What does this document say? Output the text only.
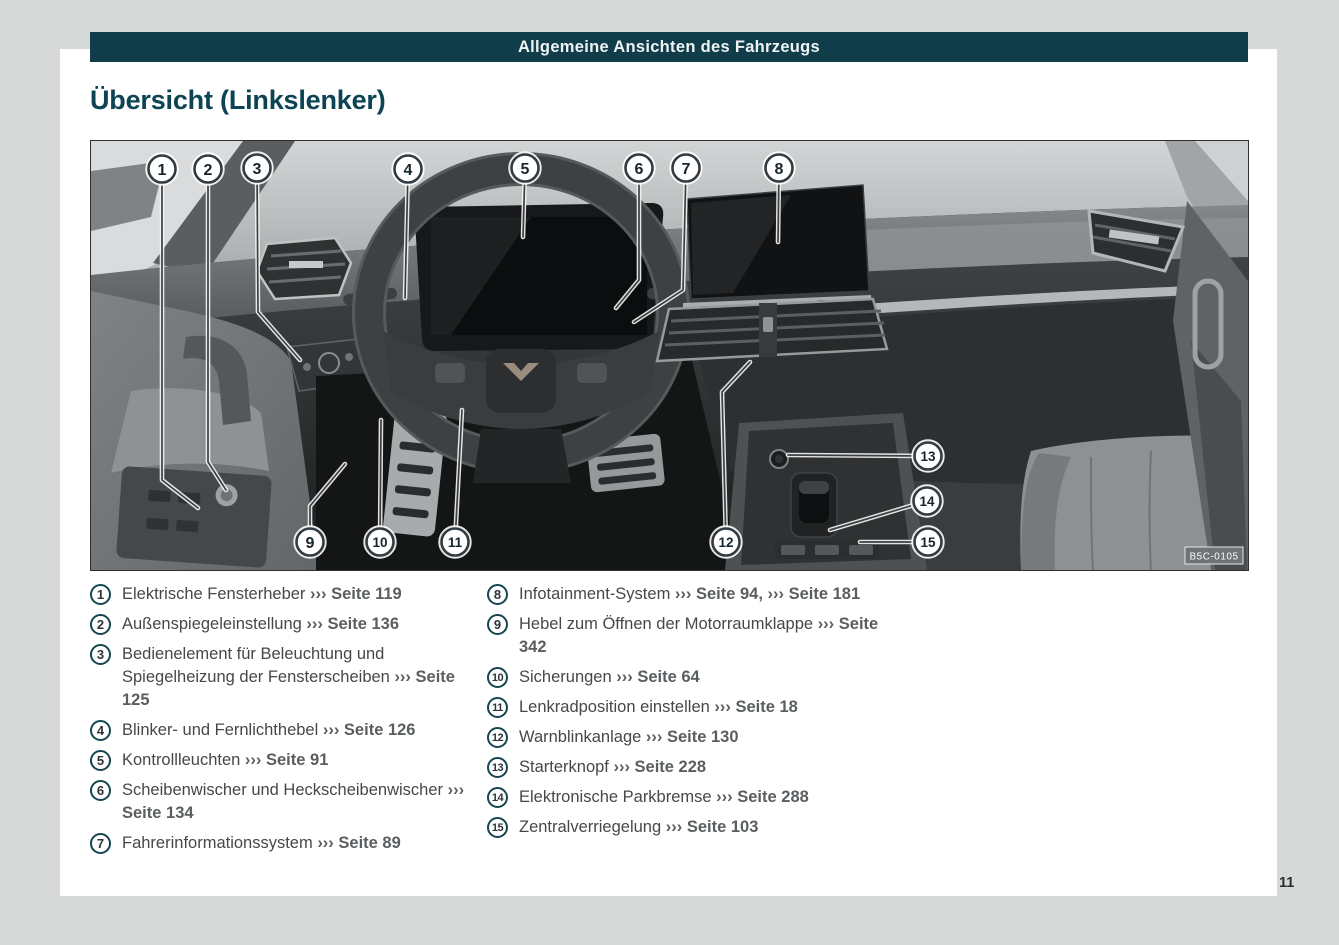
Allgemeine Ansichten des Fahrzeugs
Übersicht (Linkslenker)
1 2	3	4	5	6 7	8
9	10	11	12
13
14
15
B5C-0105
1	Elektrische Fensterheber ››› Seite 119
2	Außenspiegeleinstellung ››› Seite 136
3	Bedienelement für Beleuchtung und Spiegelheizung der Fensterscheiben ››› Seite 125
4	Blinker- und Fernlichthebel ››› Seite 126
5	Kontrollleuchten ››› Seite 91
6	Scheibenwischer und Heckscheibenwischer ››› Seite 134
7	Fahrerinformationssystem ››› Seite 89
8	Infotainment-System ››› Seite 94, ››› Seite 181
9	Hebel zum Öffnen der Motorraumklappe ››› Seite 342
10 Sicherungen ››› Seite 64
11 Lenkradposition einstellen ››› Seite 18
12 Warnblinkanlage ››› Seite 130
13 Starterknopf ››› Seite 228
14 Elektronische Parkbremse ››› Seite 288
15 Zentralverriegelung ››› Seite 103
11
